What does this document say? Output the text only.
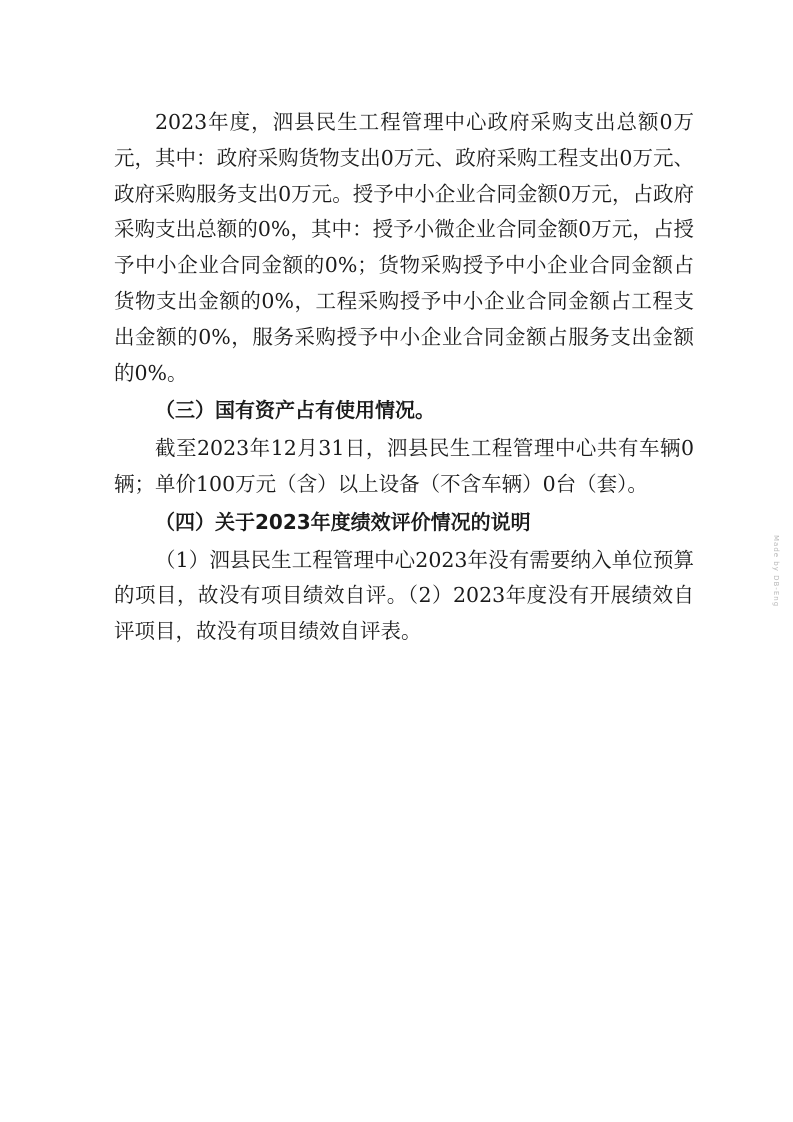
Made by DB-Eng

2023年度，泗县民生工程管理中心政府采购支出总额0万元，其中：政府采购货物支出0万元、政府采购工程支出0万元、政府采购服务支出0万元。授予中小企业合同金额0万元，占政府采购支出总额的0%，其中：授予小微企业合同金额0万元，占授予中小企业合同金额的0%；货物采购授予中小企业合同金额占货物支出金额的0%，工程采购授予中小企业合同金额占工程支出金额的0%，服务采购授予中小企业合同金额占服务支出金额的0%。

（三）国有资产占有使用情况。

截至2023年12月31日，泗县民生工程管理中心共有车辆0辆；单价100万元（含）以上设备（不含车辆）0台（套）。

（四）关于2023年度绩效评价情况的说明

（1）泗县民生工程管理中心2023年没有需要纳入单位预算的项目，故没有项目绩效自评。（2）2023年度没有开展绩效自评项目，故没有项目绩效自评表。
